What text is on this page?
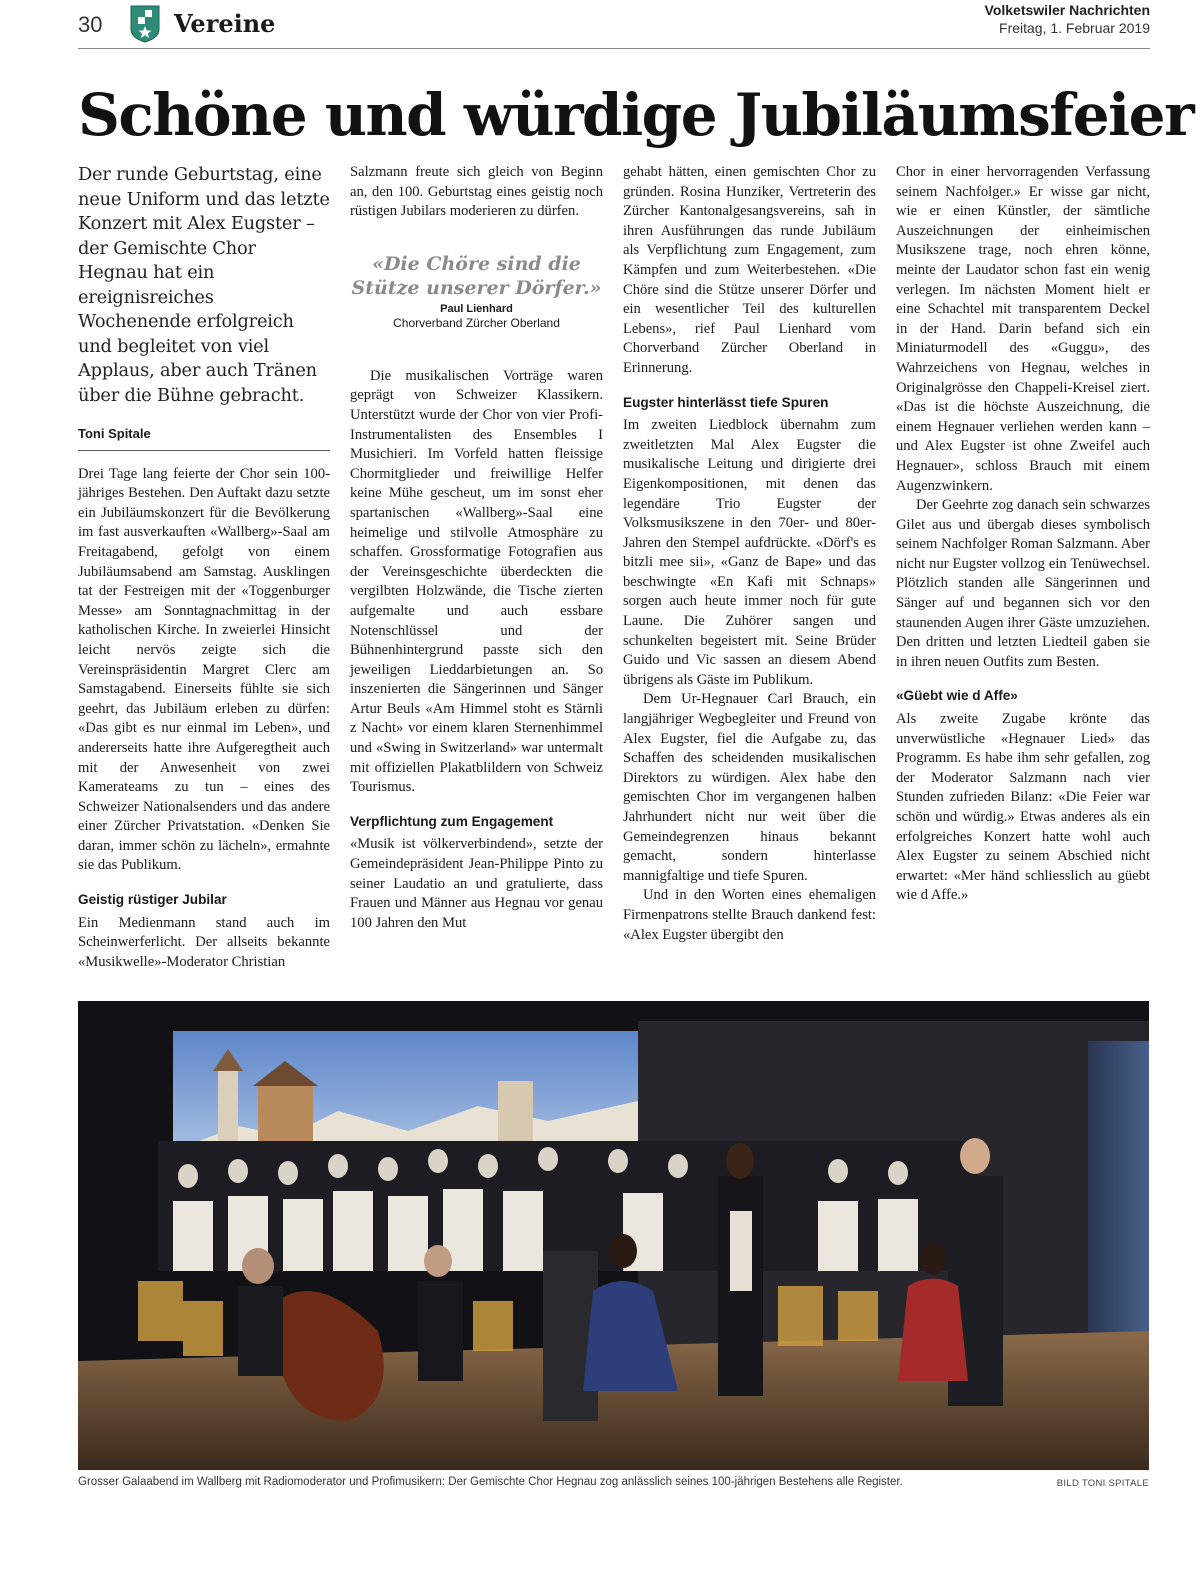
30	Vereine	Volketswiler Nachrichten
Freitag, 1. Februar 2019
Schöne und würdige Jubiläumsfeier

Der runde Geburtstag, eine neue Uniform und das letzte Konzert mit Alex Eugster – der Gemischte Chor Hegnau hat ein ereignisreiches Wochenende erfolgreich und begleitet von viel Applaus, aber auch Tränen über die Bühne gebracht.

Toni Spitale

Drei Tage lang feierte der Chor sein 100-jähriges Bestehen. Den Auftakt dazu setzte ein Jubiläumskonzert für die Bevölkerung im fast ausverkauften «Wallberg»-Saal am Freitagabend, gefolgt von einem Jubiläumsabend am Samstag. Ausklingen tat der Festreigen mit der «Toggenburger Messe» am Sonntagnachmittag in der katholischen Kirche. In zweierlei Hinsicht leicht nervös zeigte sich die Vereinspräsidentin Margret Clerc am Samstagabend. Einerseits fühlte sie sich geehrt, das Jubiläum erleben zu dürfen: «Das gibt es nur einmal im Leben», und andererseits hatte ihre Aufgeregtheit auch mit der Anwesenheit von zwei Kamerateams zu tun – eines des Schweizer Nationalsenders und das andere einer Zürcher Privatstation. «Denken Sie daran, immer schön zu lächeln», ermahnte sie das Publikum.

Geistig rüstiger Jubilar

Ein Medienmann stand auch im Scheinwerferlicht. Der allseits bekannte «Musikwelle»-Moderator Christian

Salzmann freute sich gleich von Beginn an, den 100. Geburtstag eines geistig noch rüstigen Jubilars moderieren zu dürfen.

«Die Chöre sind die Stütze unserer Dörfer.»

Paul Lienhard

Chorverband Zürcher Oberland

Die musikalischen Vorträge waren geprägt von Schweizer Klassikern. Unterstützt wurde der Chor von vier Profi-Instrumentalisten des Ensembles I Musichieri. Im Vorfeld hatten fleissige Chormitglieder und freiwillige Helfer keine Mühe gescheut, um im sonst eher spartanischen «Wallberg»-Saal eine heimelige und stilvolle Atmosphäre zu schaffen. Grossformatige Fotografien aus der Vereinsgeschichte überdeckten die vergilbten Holzwände, die Tische zierten aufgemalte und auch essbare Notenschlüssel und der Bühnenhintergrund passte sich den jeweiligen Lieddarbietungen an. So inszenierten die Sängerinnen und Sänger Artur Beuls «Am Himmel stoht es Stärnli z Nacht» vor einem klaren Sternenhimmel und «Swing in Switzerland» war untermalt mit offiziellen Plakatblildern von Schweiz Tourismus.

Verpflichtung zum Engagement

«Musik ist völkerverbindend», setzte der Gemeindepräsident Jean-Philippe Pinto zu seiner Laudatio an und gratulierte, dass Frauen und Männer aus Hegnau vor genau 100 Jahren den Mut

gehabt hätten, einen gemischten Chor zu gründen. Rosina Hunziker, Vertreterin des Zürcher Kantonalgesangsvereins, sah in ihren Ausführungen das runde Jubiläum als Verpflichtung zum Engagement, zum Kämpfen und zum Weiterbestehen. «Die Chöre sind die Stütze unserer Dörfer und ein wesentlicher Teil des kulturellen Lebens», rief Paul Lienhard vom Chorverband Zürcher Oberland in Erinnerung.

Eugster hinterlässt tiefe Spuren

Im zweiten Liedblock übernahm zum zweitletzten Mal Alex Eugster die musikalische Leitung und dirigierte drei Eigenkompositionen, mit denen das legendäre Trio Eugster der Volksmusikszene in den 70er- und 80er-Jahren den Stempel aufdrückte. «Dörf's es bitzli mee sii», «Ganz de Bape» und das beschwingte «En Kafi mit Schnaps» sorgen auch heute immer noch für gute Laune. Die Zuhörer sangen und schunkelten begeistert mit. Seine Brüder Guido und Vic sassen an diesem Abend übrigens als Gäste im Publikum.

Dem Ur-Hegnauer Carl Brauch, ein langjähriger Wegbegleiter und Freund von Alex Eugster, fiel die Aufgabe zu, das Schaffen des scheidenden musikalischen Direktors zu würdigen. Alex habe den gemischten Chor im vergangenen halben Jahrhundert nicht nur weit über die Gemeindegrenzen hinaus bekannt gemacht, sondern hinterlasse mannigfaltige und tiefe Spuren.

Und in den Worten eines ehemaligen Firmenpatrons stellte Brauch dankend fest: «Alex Eugster übergibt den

Chor in einer hervorragenden Verfassung seinem Nachfolger.» Er wisse gar nicht, wie er einen Künstler, der sämtliche Auszeichnungen der einheimischen Musikszene trage, noch ehren könne, meinte der Laudator schon fast ein wenig verlegen. Im nächsten Moment hielt er eine Schachtel mit transparentem Deckel in der Hand. Darin befand sich ein Miniaturmodell des «Guggu», des Wahrzeichens von Hegnau, welches in Originalgrösse den Chappeli-Kreisel ziert. «Das ist die höchste Auszeichnung, die einem Hegnauer verliehen werden kann – und Alex Eugster ist ohne Zweifel auch Hegnauer», schloss Brauch mit einem Augenzwinkern.

Der Geehrte zog danach sein schwarzes Gilet aus und übergab dieses symbolisch seinem Nachfolger Roman Salzmann. Aber nicht nur Eugster vollzog ein Tenüwechsel. Plötzlich standen alle Sängerinnen und Sänger auf und begannen sich vor den staunenden Augen ihrer Gäste umzuziehen. Den dritten und letzten Liedteil gaben sie in ihren neuen Outfits zum Besten.

«Güebt wie d Affe»

Als zweite Zugabe krönte das unverwüstliche «Hegnauer Lied» das Programm. Es habe ihm sehr gefallen, zog der Moderator Salzmann nach vier Stunden zufrieden Bilanz: «Die Feier war schön und würdig.» Etwas anderes als ein erfolgreiches Konzert hatte wohl auch Alex Eugster zu seinem Abschied nicht erwartet: «Mer händ schliesslich au güebt wie d Affe.»

Grosser Galaabend im Wallberg mit Radiomoderator und Profimusikern: Der Gemischte Chor Hegnau zog anlässlich seines 100-jährigen Bestehens alle Register.	BILD TONI SPITALE
